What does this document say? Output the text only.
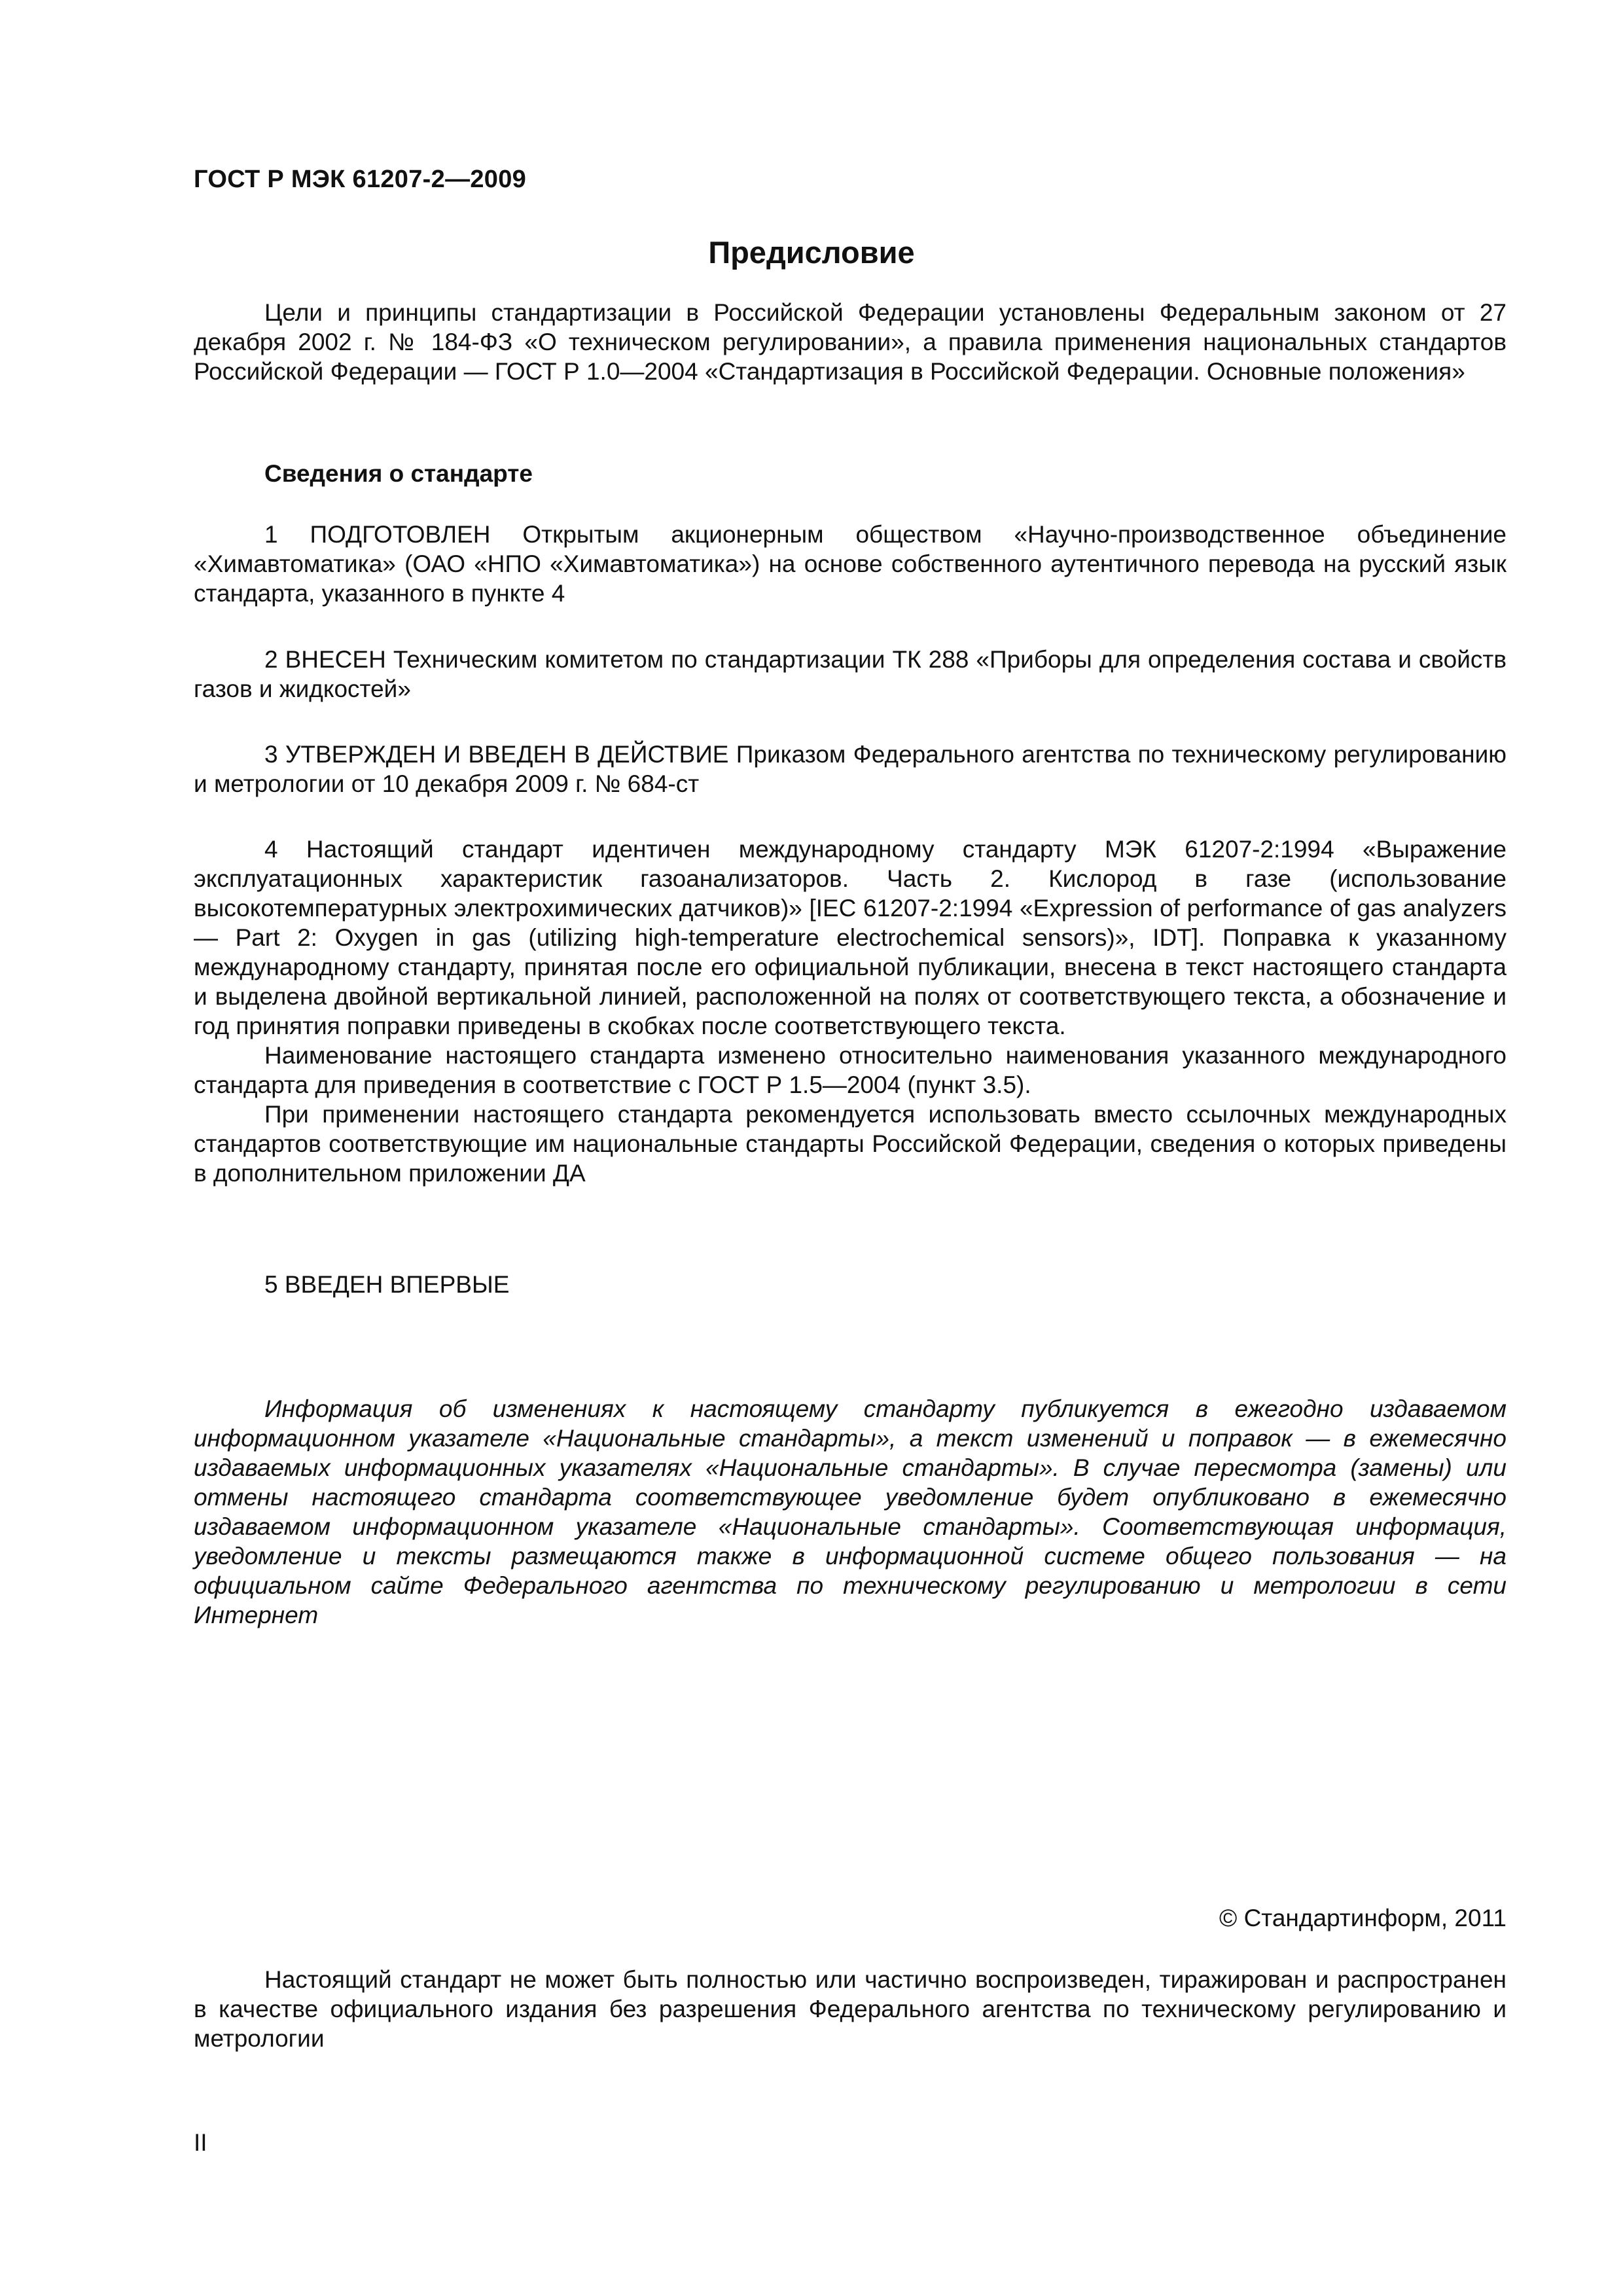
ГОСТ Р МЭК 61207-2—2009
Предисловие

Цели и принципы стандартизации в Российской Федерации установлены Федеральным законом от 27 декабря 2002 г. № 184-ФЗ «О техническом регулировании», а правила применения национальных стандартов Российской Федерации — ГОСТ Р 1.0—2004 «Стандартизация в Российской Федерации. Основные положения»

Сведения о стандарте

1 ПОДГОТОВЛЕН Открытым акционерным обществом «Научно-производственное объединение «Химавтоматика» (ОАО «НПО «Химавтоматика») на основе собственного аутентичного перевода на русский язык стандарта, указанного в пункте 4

2 ВНЕСЕН Техническим комитетом по стандартизации ТК 288 «Приборы для определения состава и свойств газов и жидкостей»

3 УТВЕРЖДЕН И ВВЕДЕН В ДЕЙСТВИЕ Приказом Федерального агентства по техническому регулированию и метрологии от 10 декабря 2009 г. № 684-ст

4 Настоящий стандарт идентичен международному стандарту МЭК 61207-2:1994 «Выражение эксплуатационных характеристик газоанализаторов. Часть 2. Кислород в газе (использование высокотемпературных электрохимических датчиков)» [IEC 61207-2:1994 «Expression of performance of gas analyzers — Part 2: Oxygen in gas (utilizing high-temperature electrochemical sensors)», IDT]. Поправка к указанному международному стандарту, принятая после его официальной публикации, внесена в текст настоящего стандарта и выделена двойной вертикальной линией, расположенной на полях от соответствующего текста, а обозначение и год принятия поправки приведены в скобках после соответствующего текста.

Наименование настоящего стандарта изменено относительно наименования указанного международного стандарта для приведения в соответствие с ГОСТ Р 1.5—2004 (пункт 3.5).

При применении настоящего стандарта рекомендуется использовать вместо ссылочных международных стандартов соответствующие им национальные стандарты Российской Федерации, сведения о которых приведены в дополнительном приложении ДА

5 ВВЕДЕН ВПЕРВЫЕ

Информация об изменениях к настоящему стандарту публикуется в ежегодно издаваемом информационном указателе «Национальные стандарты», а текст изменений и поправок — в ежемесячно издаваемых информационных указателях «Национальные стандарты». В случае пересмотра (замены) или отмены настоящего стандарта соответствующее уведомление будет опубликовано в ежемесячно издаваемом информационном указателе «Национальные стандарты». Соответствующая информация, уведомление и тексты размещаются также в информационной системе общего пользования — на официальном сайте Федерального агентства по техническому регулированию и метрологии в сети Интернет

© Стандартинформ, 2011

Настоящий стандарт не может быть полностью или частично воспроизведен, тиражирован и распространен в качестве официального издания без разрешения Федерального агентства по техническому регулированию и метрологии

II
